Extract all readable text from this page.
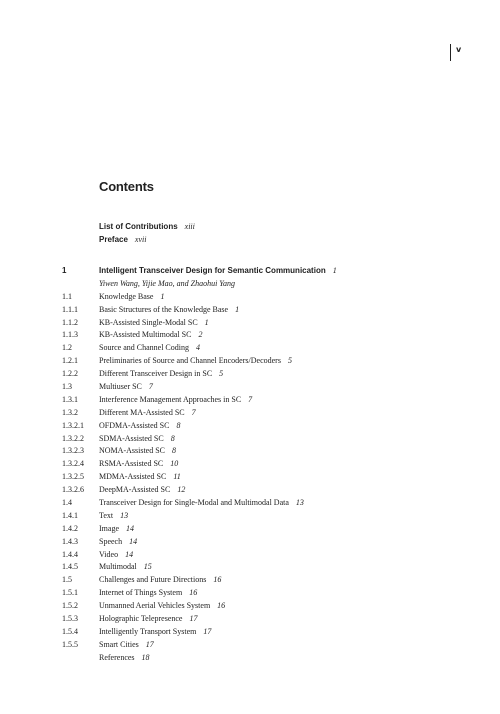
v
Contents
List of Contributions xiii
Preface xvii
1	Intelligent Transceiver Design for Semantic Communication 1
Yiwen Wang, Yijie Mao, and Zhaohui Yang
1.1	Knowledge Base 1
1.1.1	Basic Structures of the Knowledge Base 1
1.1.2	KB-Assisted Single-Modal SC 1
1.1.3	KB-Assisted Multimodal SC 2
1.2	Source and Channel Coding 4
1.2.1	Preliminaries of Source and Channel Encoders/Decoders 5
1.2.2	Different Transceiver Design in SC 5
1.3	Multiuser SC 7
1.3.1	Interference Management Approaches in SC 7
1.3.2	Different MA-Assisted SC 7
1.3.2.1 OFDMA-Assisted SC 8
1.3.2.2 SDMA-Assisted SC 8
1.3.2.3 NOMA-Assisted SC 8
1.3.2.4 RSMA-Assisted SC 10
1.3.2.5 MDMA-Assisted SC 11
1.3.2.6 DeepMA-Assisted SC 12
1.4	Transceiver Design for Single-Modal and Multimodal Data 13
1.4.1	Text 13
1.4.2	Image 14
1.4.3	Speech 14
1.4.4	Video 14
1.4.5	Multimodal 15
1.5	Challenges and Future Directions 16
1.5.1	Internet of Things System 16
1.5.2	Unmanned Aerial Vehicles System 16
1.5.3	Holographic Telepresence 17
1.5.4	Intelligently Transport System 17
1.5.5	Smart Cities 17
References 18
